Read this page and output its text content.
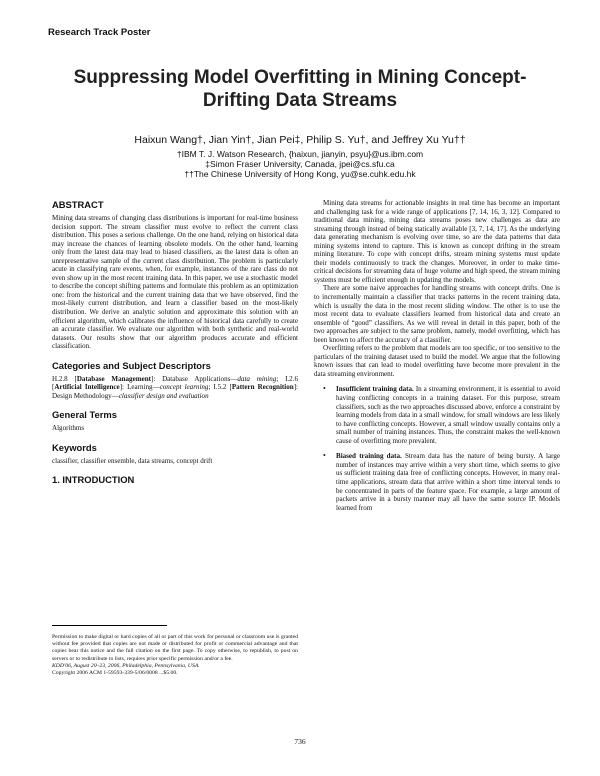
Research Track Poster
Suppressing Model Overfitting in Mining Concept-Drifting Data Streams
Haixun Wang†, Jian Yin†, Jian Pei‡, Philip S. Yu†, and Jeffrey Xu Yu††
†IBM T. J. Watson Research, {haixun, jianyin, psyu}@us.ibm.com
‡Simon Fraser University, Canada, jpei@cs.sfu.ca
††The Chinese University of Hong Kong, yu@se.cuhk.edu.hk
ABSTRACT

Mining data streams of changing class distributions is important for real-time business decision support. The stream classifier must evolve to reflect the current class distribution. This poses a serious challenge. On the one hand, relying on historical data may increase the chances of learning obsolete models. On the other hand, learning only from the latest data may lead to biased classifiers, as the latest data is often an unrepresentative sample of the current class distribution. The problem is particularly acute in classifying rare events, when, for example, instances of the rare class do not even show up in the most recent training data. In this paper, we use a stochastic model to describe the concept shifting patterns and formulate this problem as an optimization one: from the historical and the current training data that we have observed, find the most-likely current distribution, and learn a classifier based on the most-likely distribution. We derive an analytic solution and approximate this solution with an efficient algorithm, which calibrates the influence of historical data carefully to create an accurate classifier. We evaluate our algorithm with both synthetic and real-world datasets. Our results show that our algorithm produces accurate and efficient classification.

Categories and Subject Descriptors

H.2.8 [Database Management]: Database Applications—data mining; I.2.6 [Artificial Intelligence]: Learning—concept learning; I.5.2 [Pattern Recognition]: Design Methodology—classifier design and evaluation

General Terms

Algorithms

Keywords

classifier, classifier ensemble, data streams, concept drift

1. INTRODUCTION

Permission to make digital or hard copies of all or part of this work for personal or classroom use is granted without fee provided that copies are not made or distributed for profit or commercial advantage and that copies bear this notice and the full citation on the first page. To copy otherwise, to republish, to post on servers or to redistribute to lists, requires prior specific permission and/or a fee.

KDD'06, August 20–23, 2006, Philadelphia, Pennsylvania, USA.

Copyright 2006 ACM 1-59593-339-5/06/0008 ...$5.00.

Mining data streams for actionable insights in real time has become an important and challenging task for a wide range of applications [7, 14, 16, 3, 12]. Compared to traditional data mining, mining data streams poses new challenges as data are streaming through instead of being statically available [3, 7, 14, 17]. As the underlying data generating mechanism is evolving over time, so are the data patterns that data mining systems intend to capture. This is known as concept drifting in the stream mining literature. To cope with concept drifts, stream mining systems must update their models continuously to track the changes. Moreover, in order to make time-critical decisions for streaming data of huge volume and high speed, the stream mining systems must be efficient enough in updating the models.

There are some naive approaches for handling streams with concept drifts. One is to incrementally maintain a classifier that tracks patterns in the recent training data, which is usually the data in the most recent sliding window. The other is to use the most recent data to evaluate classifiers learned from historical data and create an ensemble of “good” classifiers. As we will reveal in detail in this paper, both of the two approaches are subject to the same problem, namely, model overfitting, which has been known to affect the accuracy of a classifier.

Overfitting refers to the problem that models are too specific, or too sensitive to the particulars of the training dataset used to build the model. We argue that the following known issues that can lead to model overfitting have become more prevalent in the data streaming environment.

• Insufficient training data. In a streaming environment, it is essential to avoid having conflicting concepts in a training dataset. For this purpose, stream classifiers, such as the two approaches discussed above, enforce a constraint by learning models from data in a small window, for small windows are less likely to have conflicting concepts. However, a small window usually contains only a small number of training instances. Thus, the constraint makes the well-known cause of overfitting more prevalent.
• Biased training data. Stream data has the nature of being bursty. A large number of instances may arrive within a very short time, which seems to give us sufficient training data free of conflicting concepts. However, in many real-time applications, stream data that arrive within a short time interval tends to be concentrated in parts of the feature space. For example, a large amount of packets arrive in a bursty manner may all have the same source IP. Models learned from
736
